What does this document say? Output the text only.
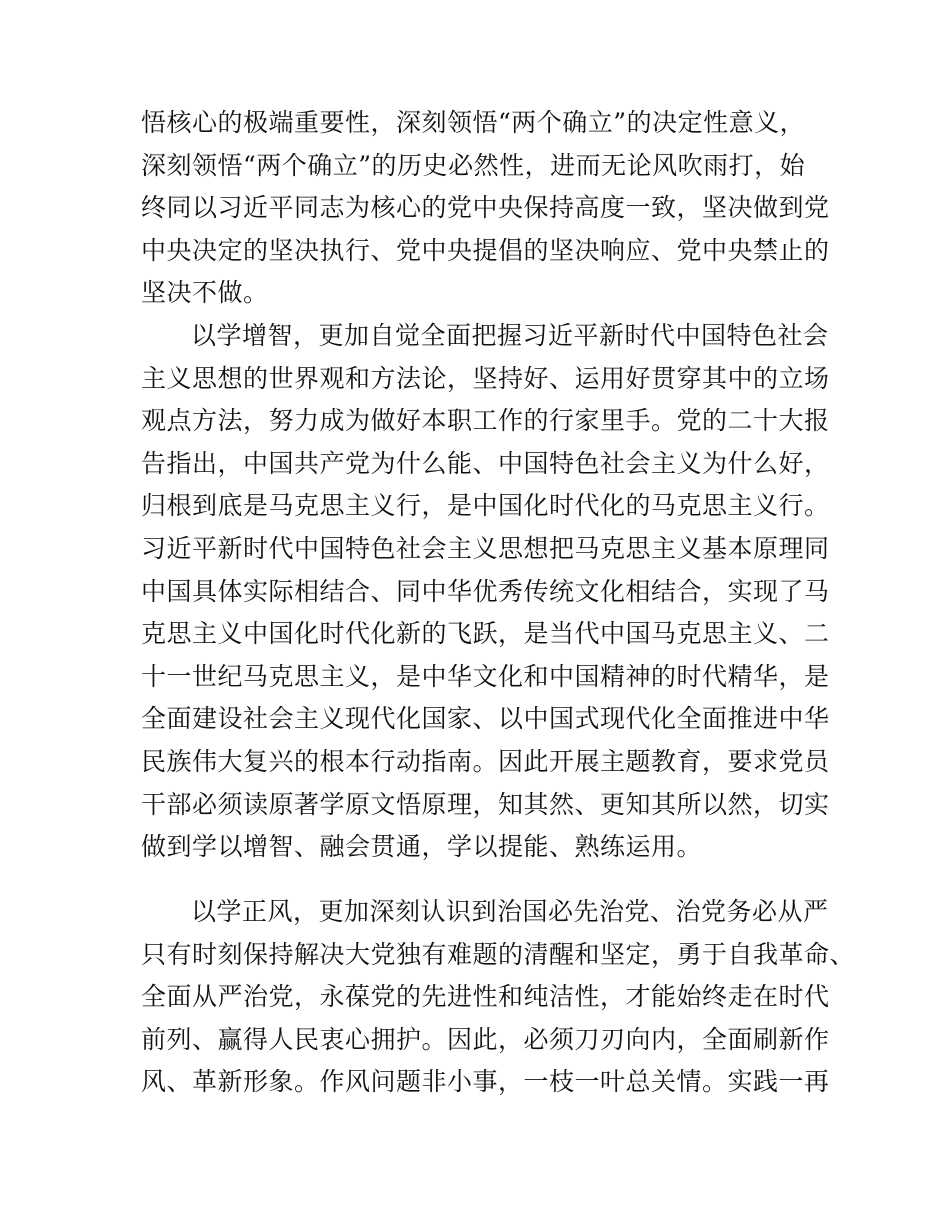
悟核心的极端重要性，深刻领悟“两个确立”的决定性意义，
深刻领悟“两个确立”的历史必然性，进而无论风吹雨打，始
终同以习近平同志为核心的党中央保持高度一致，坚决做到党
中央决定的坚决执行、党中央提倡的坚决响应、党中央禁止的
坚决不做。
以学增智，更加自觉全面把握习近平新时代中国特色社会
主义思想的世界观和方法论，坚持好、运用好贯穿其中的立场
观点方法，努力成为做好本职工作的行家里手。党的二十大报
告指出，中国共产党为什么能、中国特色社会主义为什么好，
归根到底是马克思主义行，是中国化时代化的马克思主义行。
习近平新时代中国特色社会主义思想把马克思主义基本原理同
中国具体实际相结合、同中华优秀传统文化相结合，实现了马
克思主义中国化时代化新的飞跃，是当代中国马克思主义、二
十一世纪马克思主义，是中华文化和中国精神的时代精华，是
全面建设社会主义现代化国家、以中国式现代化全面推进中华
民族伟大复兴的根本行动指南。因此开展主题教育，要求党员
干部必须读原著学原文悟原理，知其然、更知其所以然，切实
做到学以增智、融会贯通，学以提能、熟练运用。
以学正风，更加深刻认识到治国必先治党、治党务必从严
只有时刻保持解决大党独有难题的清醒和坚定，勇于自我革命、
全面从严治党，永葆党的先进性和纯洁性，才能始终走在时代
前列、赢得人民衷心拥护。因此，必须刀刃向内，全面刷新作
风、革新形象。作风问题非小事，一枝一叶总关情。实践一再
